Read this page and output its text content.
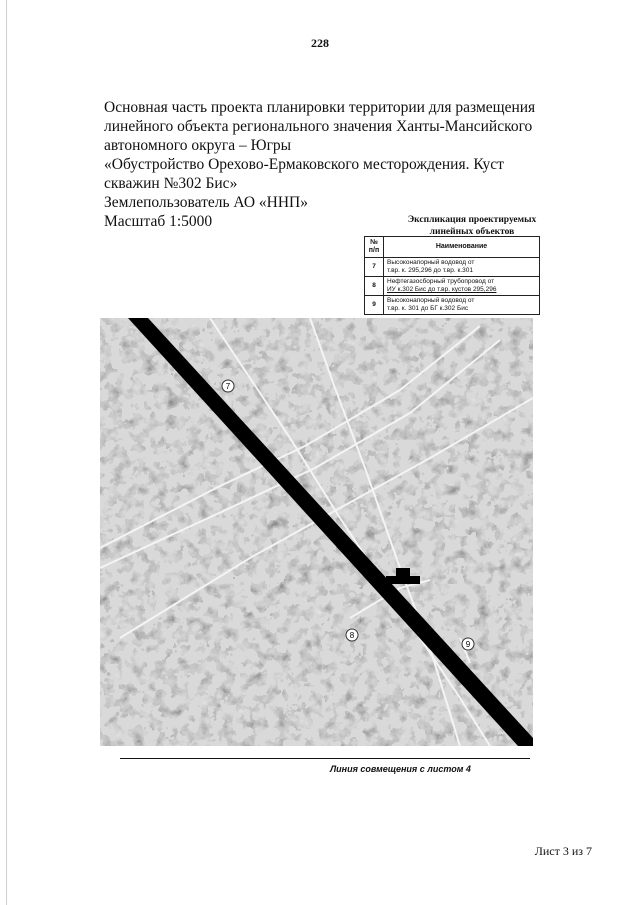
228
Основная часть проекта планировки территории для размещения
линейного объекта регионального значения Ханты-Мансийского
автономного округа – Югры
«Обустройство Орехово-Ермаковского месторождения. Куст
скважин №302 Бис»
Землепользователь АО «ННП»
Масштаб 1:5000	Экспликация проектируемых
линейных объектов
№ п/п	Наименование
7	Высоконапорный водовод от
т.вр. к. 295,296 до т.вр. к.301

8	Нефтегазосборный трубопровод от
ИУ к.302 Бис до т.вр. кустов 295,296

9	Высоконапорный водовод от
т.вр. к. 301 до БГ к.302 Бис
7
8
9
Линия совмещения с листом 4
Лист 3 из 7
